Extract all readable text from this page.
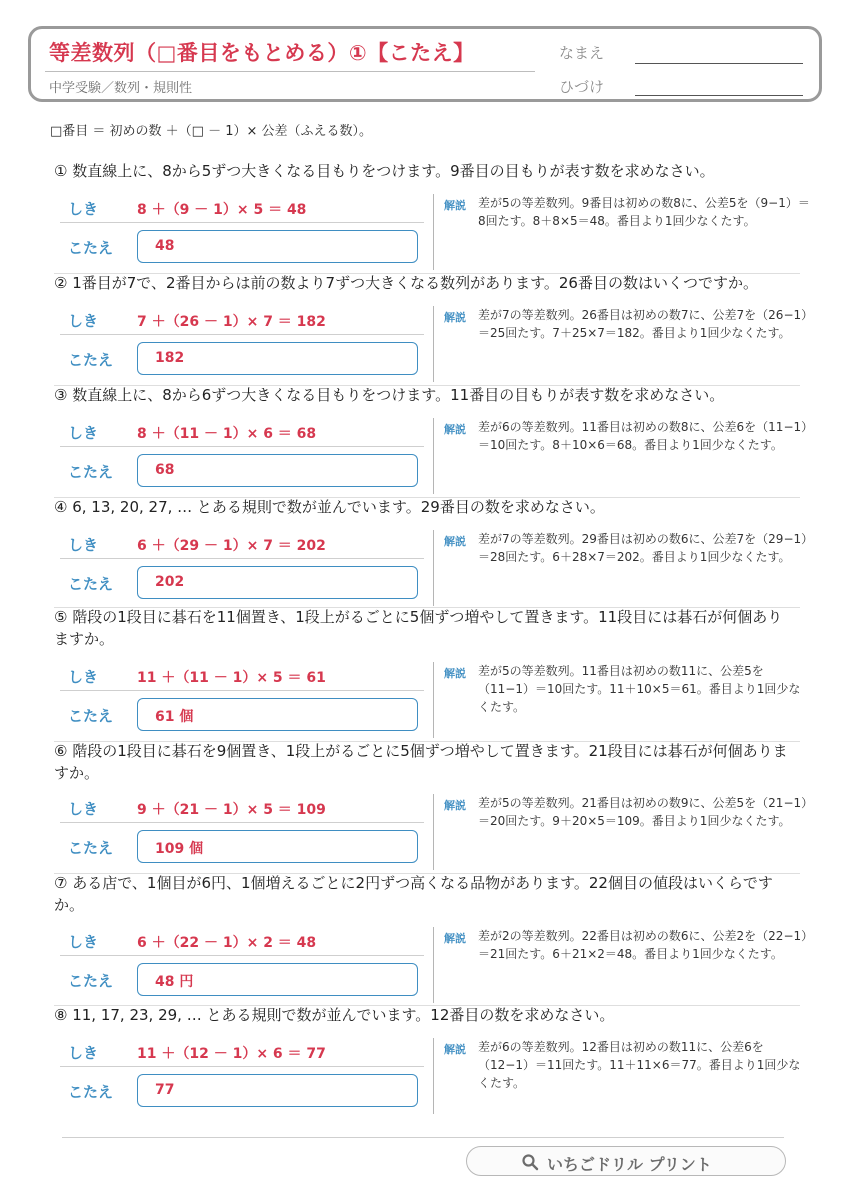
等差数列（□番目をもとめる）①【こたえ】
中学受験／数列・規則性
なまえ
ひづけ
□番目 ＝ 初めの数 ＋（□ － 1）× 公差（ふえる数）。
① 数直線上に、8から5ずつ大きくなる目もりをつけます。9番目の目もりが表す数を求めなさい。
しき	8 ＋（9 － 1）× 5 ＝ 48
こたえ	48
解説 差が5の等差数列。9番目は初めの数8に、公差5を（9−1）＝8回たす。8＋8×5＝48。番目より1回少なくたす。
② 1番目が7で、2番目からは前の数より7ずつ大きくなる数列があります。26番目の数はいくつですか。
しき	7 ＋（26 － 1）× 7 ＝ 182
こたえ	182
解説 差が7の等差数列。26番目は初めの数7に、公差7を（26−1）＝25回たす。7＋25×7＝182。番目より1回少なくたす。
③ 数直線上に、8から6ずつ大きくなる目もりをつけます。11番目の目もりが表す数を求めなさい。
しき	8 ＋（11 － 1）× 6 ＝ 68
こたえ	68
解説 差が6の等差数列。11番目は初めの数8に、公差6を（11−1）＝10回たす。8＋10×6＝68。番目より1回少なくたす。
④ 6, 13, 20, 27, … とある規則で数が並んでいます。29番目の数を求めなさい。
しき	6 ＋（29 － 1）× 7 ＝ 202
こたえ	202
解説 差が7の等差数列。29番目は初めの数6に、公差7を（29−1）＝28回たす。6＋28×7＝202。番目より1回少なくたす。
⑤ 階段の1段目に碁石を11個置き、1段上がるごとに5個ずつ増やして置きます。11段目には碁石が何個ありますか。
しき	11 ＋（11 － 1）× 5 ＝ 61
こたえ	61 個
解説 差が5の等差数列。11番目は初めの数11に、公差5を（11−1）＝10回たす。11＋10×5＝61。番目より1回少なくたす。
⑥ 階段の1段目に碁石を9個置き、1段上がるごとに5個ずつ増やして置きます。21段目には碁石が何個ありますか。
しき	9 ＋（21 － 1）× 5 ＝ 109
こたえ	109 個
解説 差が5の等差数列。21番目は初めの数9に、公差5を（21−1）＝20回たす。9＋20×5＝109。番目より1回少なくたす。
⑦ ある店で、1個目が6円、1個増えるごとに2円ずつ高くなる品物があります。22個目の値段はいくらですか。
しき	6 ＋（22 － 1）× 2 ＝ 48
こたえ	48 円
解説 差が2の等差数列。22番目は初めの数6に、公差2を（22−1）＝21回たす。6＋21×2＝48。番目より1回少なくたす。
⑧ 11, 17, 23, 29, … とある規則で数が並んでいます。12番目の数を求めなさい。
しき	11 ＋（12 － 1）× 6 ＝ 77
こたえ	77
解説 差が6の等差数列。12番目は初めの数11に、公差6を（12−1）＝11回たす。11＋11×6＝77。番目より1回少なくたす。
いちごドリル プリント
